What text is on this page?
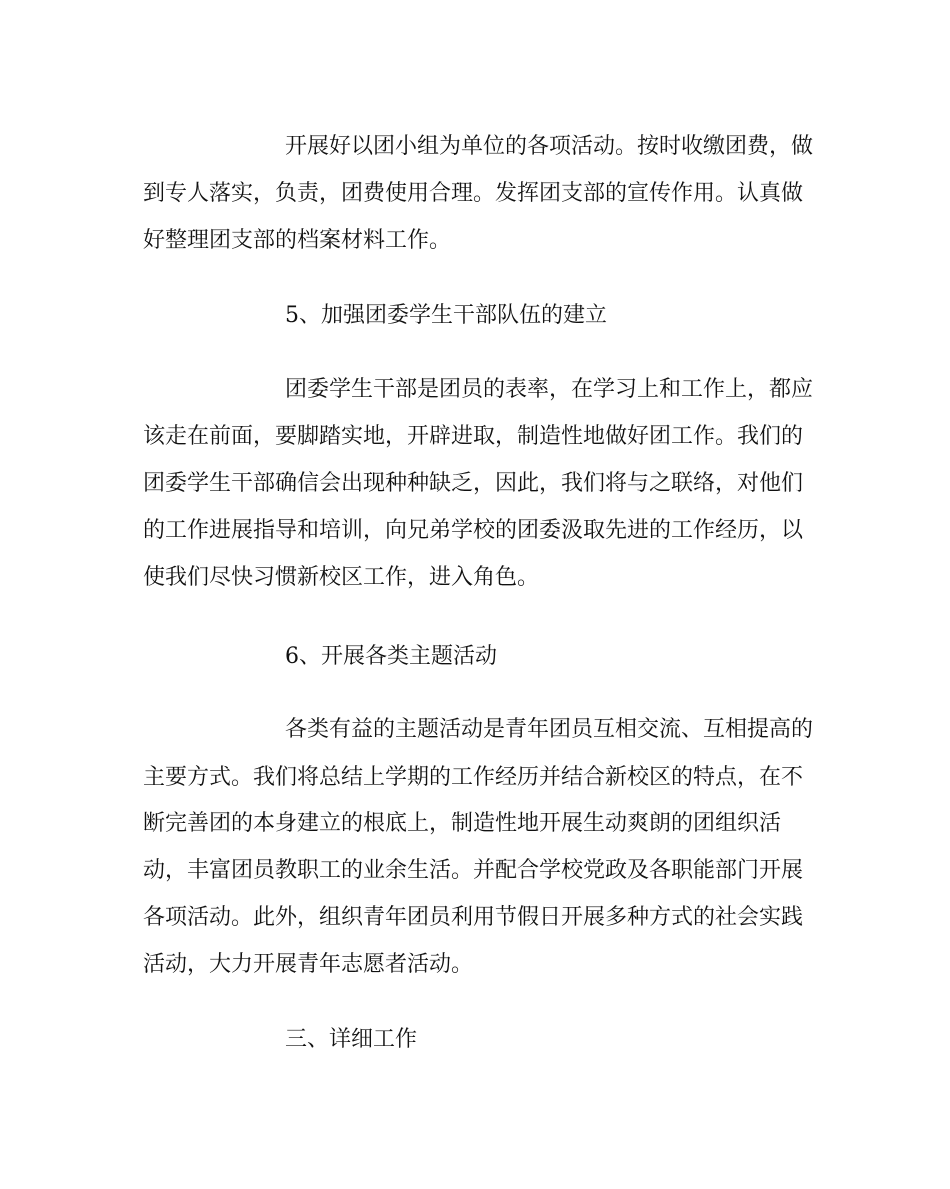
开展好以团小组为单位的各项活动。按时收缴团费，做
到专人落实，负责，团费使用合理。发挥团支部的宣传作用。认真做
好整理团支部的档案材料工作。
5、加强团委学生干部队伍的建立
团委学生干部是团员的表率，在学习上和工作上，都应
该走在前面，要脚踏实地，开辟进取，制造性地做好团工作。我们的
团委学生干部确信会出现种种缺乏，因此，我们将与之联络，对他们
的工作进展指导和培训，向兄弟学校的团委汲取先进的工作经历，以
使我们尽快习惯新校区工作，进入角色。
6、开展各类主题活动
各类有益的主题活动是青年团员互相交流、互相提高的
主要方式。我们将总结上学期的工作经历并结合新校区的特点，在不
断完善团的本身建立的根底上，制造性地开展生动爽朗的团组织活
动，丰富团员教职工的业余生活。并配合学校党政及各职能部门开展
各项活动。此外，组织青年团员利用节假日开展多种方式的社会实践
活动，大力开展青年志愿者活动。
三、详细工作
